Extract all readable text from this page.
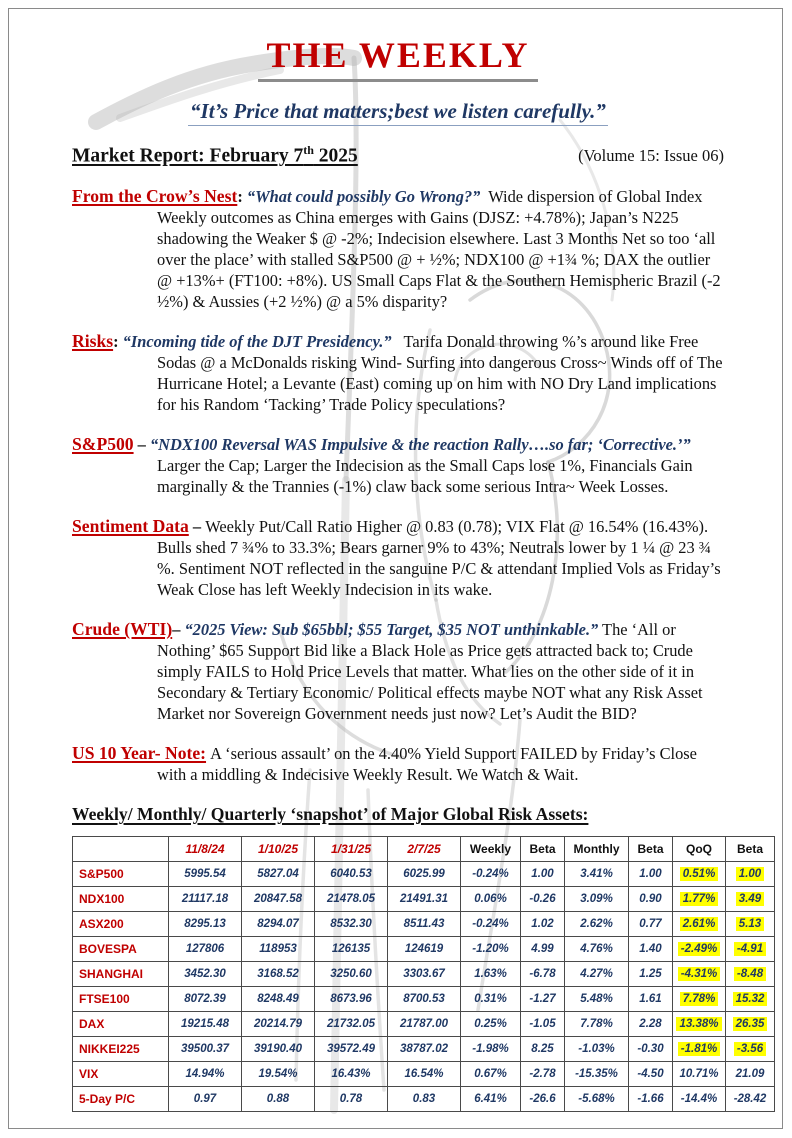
THE WEEKLY
“It’s Price that matters;best we listen carefully.”
Market Report: February 7th 2025	(Volume 15: Issue 06)

From the Crow’s Nest: “What could possibly Go Wrong?”  Wide dispersion of Global Index Weekly outcomes as China emerges with Gains (DJSZ: +4.78%); Japan’s N225 shadowing the Weaker $ @ -2%; Indecision elsewhere. Last 3 Months Net so too ‘all over the place’ with stalled S&P500 @ + ½%; NDX100 @ +1¾ %; DAX the outlier @ +13%+ (FT100: +8%). US Small Caps Flat & the Southern Hemispheric Brazil (-2 ½%) & Aussies (+2 ½%) @ a 5% disparity?

Risks: “Incoming tide of the DJT Presidency.”   Tarifa Donald throwing %’s around like Free Sodas @ a McDonalds risking Wind- Surfing into dangerous Cross~ Winds off of The Hurricane Hotel; a Levante (East) coming up on him with NO Dry Land implications for his Random ‘Tacking’ Trade Policy speculations?

S&P500 – “NDX100 Reversal WAS Impulsive & the reaction Rally….so far; ‘Corrective.’” Larger the Cap; Larger the Indecision as the Small Caps lose 1%, Financials Gain marginally & the Trannies (-1%) claw back some serious Intra~ Week Losses.

Sentiment Data – Weekly Put/Call Ratio Higher @ 0.83 (0.78); VIX Flat @ 16.54% (16.43%). Bulls shed 7 ¾% to 33.3%; Bears garner 9% to 43%; Neutrals lower by 1 ¼ @ 23 ¾ %. Sentiment NOT reflected in the sanguine P/C & attendant Implied Vols as Friday’s Weak Close has left Weekly Indecision in its wake.

Crude (WTI)– “2025 View: Sub $65bbl; $55 Target, $35 NOT unthinkable.” The ‘All or Nothing’ $65 Support Bid like a Black Hole as Price gets attracted back to; Crude simply FAILS to Hold Price Levels that matter. What lies on the other side of it in Secondary & Tertiary Economic/ Political effects maybe NOT what any Risk Asset Market nor Sovereign Government needs just now? Let’s Audit the BID?

US 10 Year- Note: A ‘serious assault’ on the 4.40% Yield Support FAILED by Friday’s Close with a middling & Indecisive Weekly Result. We Watch & Wait.

Weekly/ Monthly/ Quarterly ‘snapshot’ of Major Global Risk Assets:
	11/8/24	1/10/25	1/31/25	2/7/25	Weekly	Beta	Monthly	Beta	QoQ	Beta
S&P500	5995.54	5827.04	6040.53	6025.99	-0.24%	1.00	3.41%	1.00	0.51%	1.00
NDX100	21117.18	20847.58	21478.05	21491.31	0.06%	-0.26	3.09%	0.90	1.77%	3.49
ASX200	8295.13	8294.07	8532.30	8511.43	-0.24%	1.02	2.62%	0.77	2.61%	5.13
BOVESPA	127806	118953	126135	124619	-1.20%	4.99	4.76%	1.40	-2.49%	-4.91
SHANGHAI	3452.30	3168.52	3250.60	3303.67	1.63%	-6.78	4.27%	1.25	-4.31%	-8.48
FTSE100	8072.39	8248.49	8673.96	8700.53	0.31%	-1.27	5.48%	1.61	7.78%	15.32
DAX	19215.48	20214.79	21732.05	21787.00	0.25%	-1.05	7.78%	2.28	13.38%	26.35
NIKKEI225	39500.37	39190.40	39572.49	38787.02	-1.98%	8.25	-1.03%	-0.30	-1.81%	-3.56
VIX	14.94%	19.54%	16.43%	16.54%	0.67%	-2.78	-15.35%	-4.50	10.71%	21.09
5-Day P/C	0.97	0.88	0.78	0.83	6.41%	-26.6	-5.68%	-1.66	-14.4%	-28.42
